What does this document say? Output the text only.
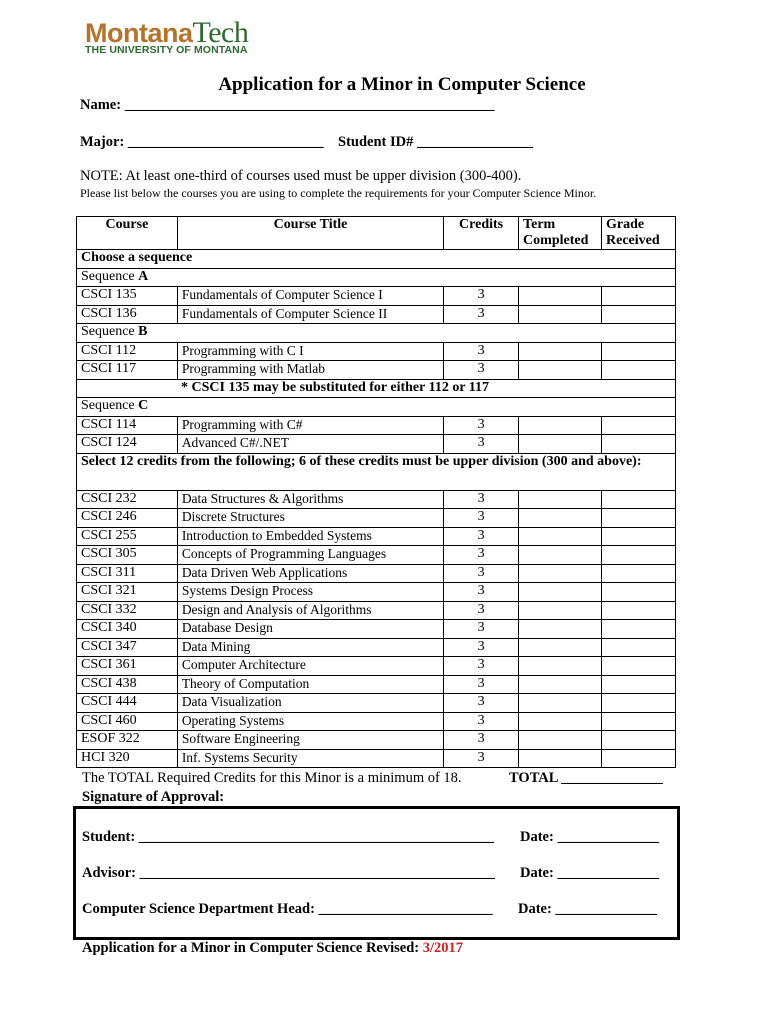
MontanaTech
THE UNIVERSITY OF MONTANA
Application for a Minor in Computer Science
Name: ___________________________________________________
Major: ___________________________ Student ID# ________________
NOTE: At least one-third of courses used must be upper division (300-400).
Please list below the courses you are using to complete the requirements for your Computer Science Minor.
Course	Course Title	Credits	Term Completed	Grade Received
Choose a sequence				
Sequence A				
CSCI 135	Fundamentals of Computer Science I	3		
CSCI 136	Fundamentals of Computer Science II	3		
Sequence B				
CSCI 112	Programming with C I	3		
CSCI 117	Programming with Matlab	3		
* CSCI 135 may be substituted for either 112 or 117				
Sequence C				
CSCI 114	Programming with C#	3		
CSCI 124	Advanced C#/.NET	3		
Select 12 credits from the following; 6 of these credits must be upper division (300 and above):				
CSCI 232	Data Structures & Algorithms	3		
CSCI 246	Discrete Structures	3		
CSCI 255	Introduction to Embedded Systems	3		
CSCI 305	Concepts of Programming Languages	3		
CSCI 311	Data Driven Web Applications	3		
CSCI 321	Systems Design Process	3		
CSCI 332	Design and Analysis of Algorithms	3		
CSCI 340	Database Design	3		
CSCI 347	Data Mining	3		
CSCI 361	Computer Architecture	3		
CSCI 438	Theory of Computation	3		
CSCI 444	Data Visualization	3		
CSCI 460	Operating Systems	3		
ESOF 322	Software Engineering	3		
HCI 320	Inf. Systems Security	3		
The TOTAL Required Credits for this Minor is a minimum of 18.	TOTAL ______________
Signature of Approval:
Student: _________________________________________________ Date: ______________
Advisor: _________________________________________________ Date: ______________
Computer Science Department Head: ________________________ Date: ______________
Application for a Minor in Computer Science Revised: 3/2017
